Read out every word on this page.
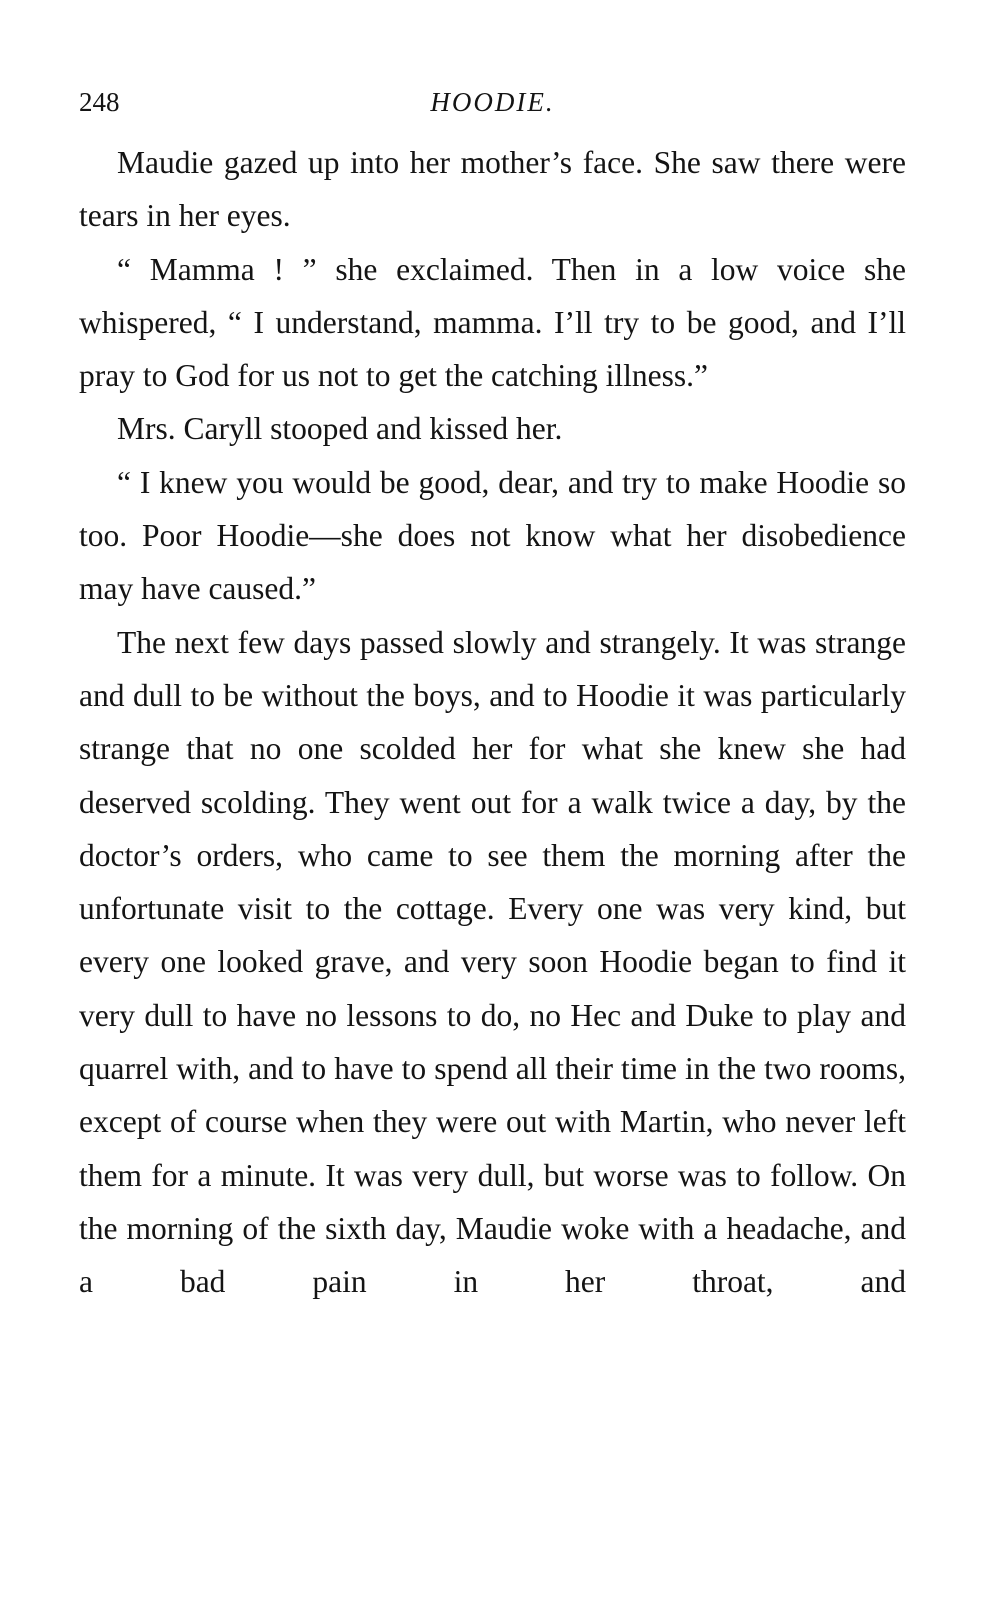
248	HOODIE.

Maudie gazed up into her mother’s face. She saw there were tears in her eyes.

“ Mamma ! ” she exclaimed. Then in a low voice she whispered, “ I understand, mamma. I’ll try to be good, and I’ll pray to God for us not to get the catching illness.”

Mrs. Caryll stooped and kissed her.

“ I knew you would be good, dear, and try to make Hoodie so too. Poor Hoodie—she does not know what her disobedience may have caused.”

The next few days passed slowly and strangely. It was strange and dull to be without the boys, and to Hoodie it was particularly strange that no one scolded her for what she knew she had deserved scolding. They went out for a walk twice a day, by the doctor’s orders, who came to see them the morning after the unfortunate visit to the cottage. Every one was very kind, but every one looked grave, and very soon Hoodie began to find it very dull to have no lessons to do, no Hec and Duke to play and quarrel with, and to have to spend all their time in the two rooms, except of course when they were out with Martin, who never left them for a minute. It was very dull, but worse was to follow. On the morning of the sixth day, Maudie woke with a headache, and a bad pain in her throat, and
